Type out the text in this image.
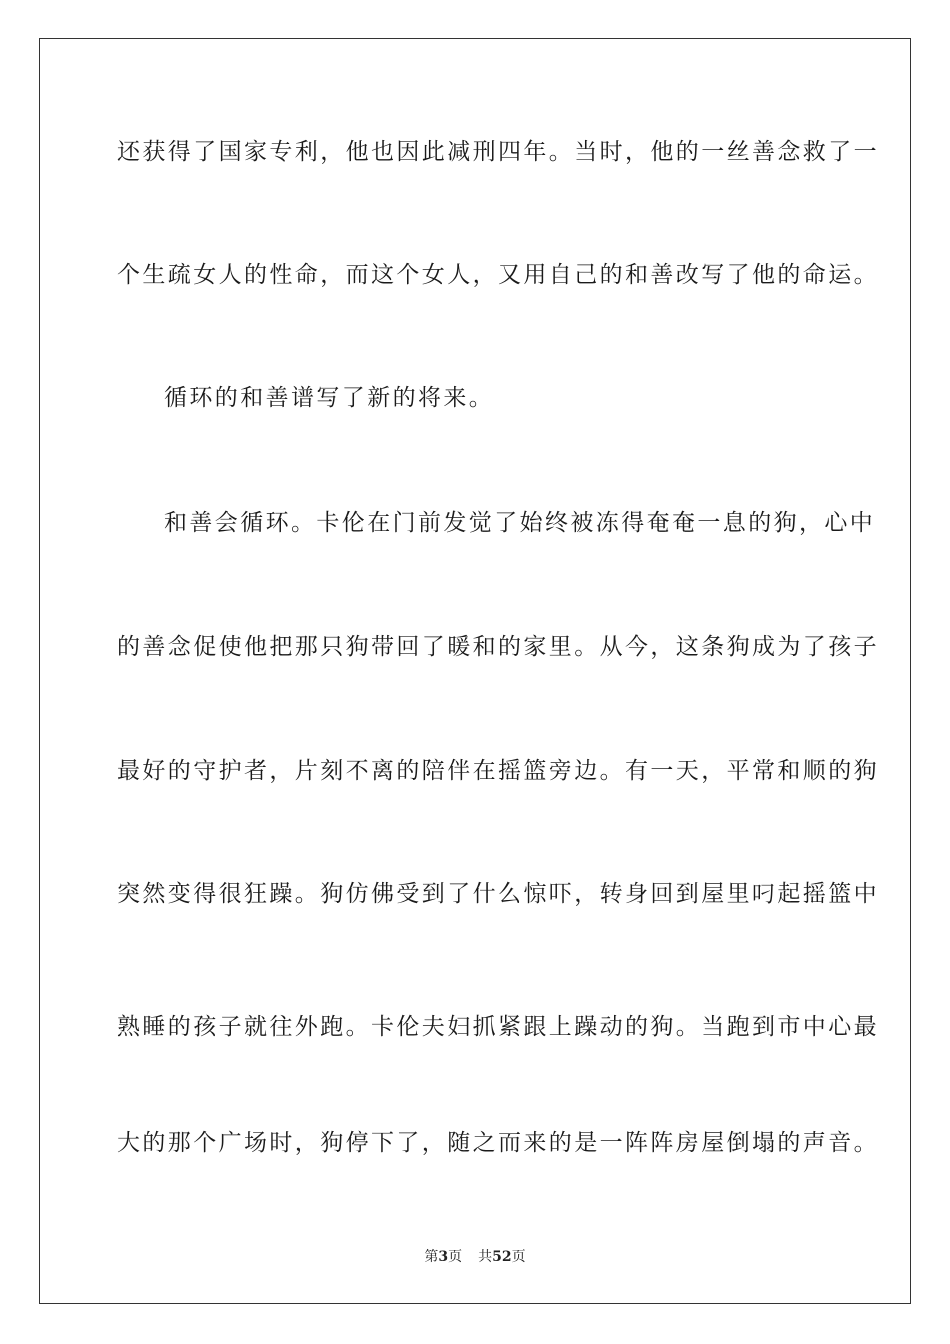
还获得了国家专利，他也因此减刑四年。当时，他的一丝善念救了一
个生疏女人的性命，而这个女人，又用自己的和善改写了他的命运。
循环的和善谱写了新的将来。
和善会循环。卡伦在门前发觉了始终被冻得奄奄一息的狗，心中
的善念促使他把那只狗带回了暖和的家里。从今，这条狗成为了孩子
最好的守护者，片刻不离的陪伴在摇篮旁边。有一天，平常和顺的狗
突然变得很狂躁。狗仿佛受到了什么惊吓，转身回到屋里叼起摇篮中
熟睡的孩子就往外跑。卡伦夫妇抓紧跟上躁动的狗。当跑到市中心最
大的那个广场时，狗停下了，随之而来的是一阵阵房屋倒塌的声音。
第3页 共52页
